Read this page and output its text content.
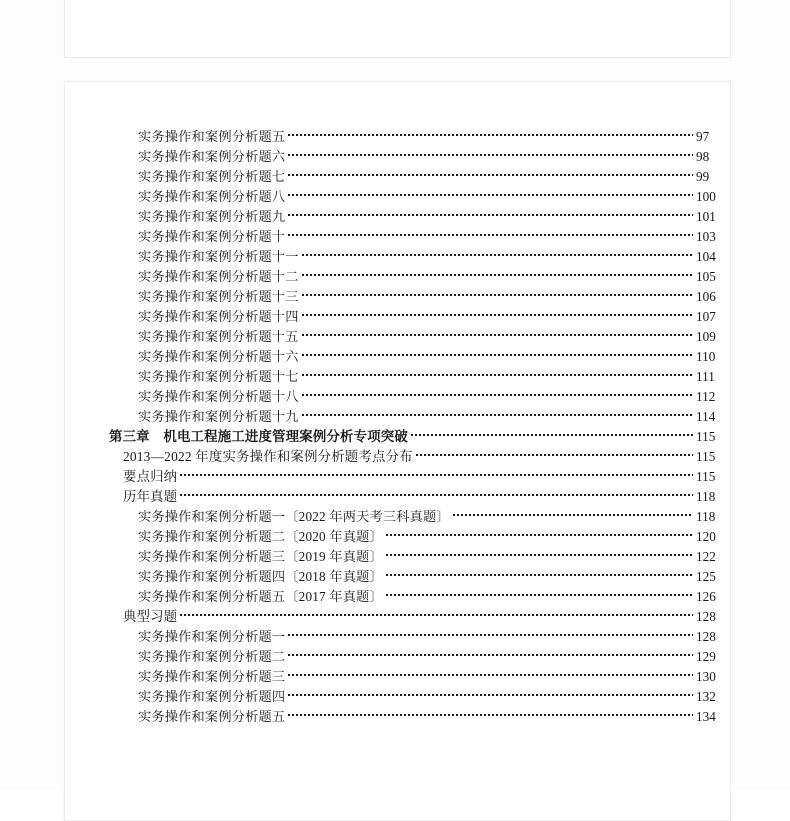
实务操作和案例分析题五	97
实务操作和案例分析题六	98
实务操作和案例分析题七	99
实务操作和案例分析题八	100
实务操作和案例分析题九	101
实务操作和案例分析题十	103
实务操作和案例分析题十一	104
实务操作和案例分析题十二	105
实务操作和案例分析题十三	106
实务操作和案例分析题十四	107
实务操作和案例分析题十五	109
实务操作和案例分析题十六	110
实务操作和案例分析题十七	111
实务操作和案例分析题十八	112
实务操作和案例分析题十九	114
第三章　机电工程施工进度管理案例分析专项突破	115
2013—2022 年度实务操作和案例分析题考点分布	115
要点归纳	115
历年真题	118
实务操作和案例分析题一〔2022 年两天考三科真题〕	118
实务操作和案例分析题二〔2020 年真题〕	120
实务操作和案例分析题三〔2019 年真题〕	122
实务操作和案例分析题四〔2018 年真题〕	125
实务操作和案例分析题五〔2017 年真题〕	126
典型习题	128
实务操作和案例分析题一	128
实务操作和案例分析题二	129
实务操作和案例分析题三	130
实务操作和案例分析题四	132
实务操作和案例分析题五	134
